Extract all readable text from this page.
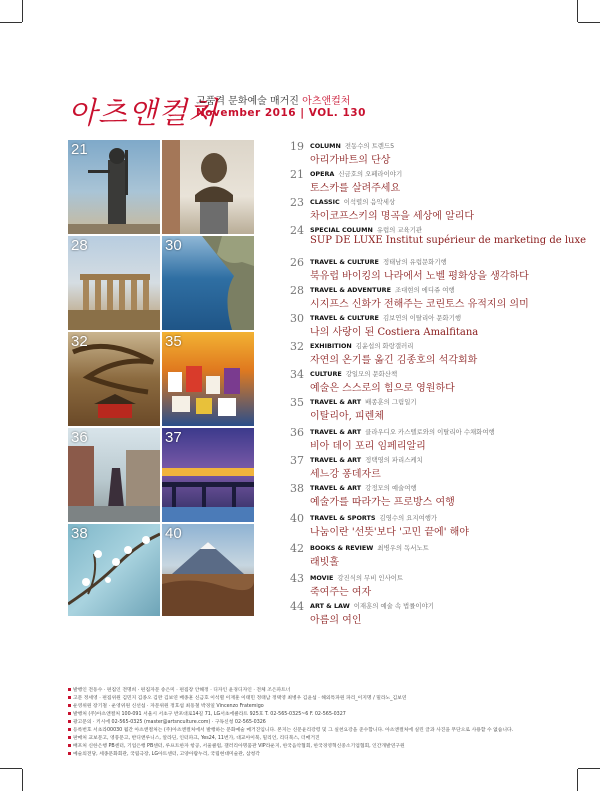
아츠앤컬처
고품격 문화예술 매거진 아츠앤컬처
November 2016 | VOL. 130
21
28	30
32	35
36	37
38	40
19 COLUMN 전동수의 트렌드5
아리가바트의 단상
21 OPERA 신금호의 오페라이야기
토스카를 살려주세요
23 CLASSIC 이석렬의 음악세상
차이코프스키의 명곡을 세상에 알리다
24 SPECIAL COLUMN 유럽의 교육기관
SUP DE LUXE Institut supérieur de marketing de luxe
26 TRAVEL & CULTURE 정태남의 유럽문화기행
북유럽 바이킹의 나라에서 노벨 평화상을 생각하다
28 TRAVEL & ADVENTURE 조대현의 에디쥬 여행
시지프스 신화가 전해주는 코린토스 유적지의 의미
30 TRAVEL & CULTURE 김보연의 이탈리아 문화기행
나의 사랑이 된 Costiera Amalfitana
32 EXHIBITION 김윤섭의 화랑갤러리
자연의 온기를 옮긴 김종호의 석각회화
34 CULTURE 강일모의 문화산책
예술은 스스로의 힘으로 영원하다
35 TRAVEL & ART 배종훈의 그림일기
이탈리아, 피렌체
36 TRAVEL & ART 클라우디오 카스텔로와의 이탈리아 수채화여행
비아 데이 포리 임페리알리
37 TRAVEL & ART 정택영의 파리스케치
세느강 퐁데자르
38 TRAVEL & ART 강정모의 예술여행
예술가를 따라가는 프로방스 여행
40 TRAVEL & SPORTS 김영수의 요지여행가
나눔이란 '선뜻'보다 '고민 끝에' 해야
42 BOOKS & REVIEW 최병우의 독서노트
래빗홀
43 MOVIE 강진식의 무비 인사이트
죽여주는 여자
44 ART & LAW 이재훈의 예술 속 법률이야기
아름의 여인
발행인 전동수 · 편집인 전명희 · 편집자문 송은미 · 편집장 안해정 · 디자인 윤경디자인 · 전체 조은파트너
고문 정세영 · 편집위원 김민지 김종오 김완 김보연 배종훈 신금호 이석렬 이재훈 이태민 정태남 정택영 최병우 김윤섭 · 해외특파원 파리_이지명 / 밀라노_김보연
운영위원 장기철 · 운영위원 신선섭 · 자문위원 정호섭 최동철 박경일 Vincenzo Fratemigo
발행처 (주)아츠앤컬처 100-091 서울시 서초구 반포대로14길 71, LG서초에클라트 925호 T. 02-565-0325~6 F. 02-565-0327
광고문의 · 키시에 02-565-0325 (master@artsnculture.com) · 구독신청 02-565-0326
등록번호 서초라00030 월간 아츠앤컬처는 (주)아츠앤컬처에서 발행하는 문화예술 매거진입니다. 본지는 신문윤리강령 및 그 실천요강을 준수합니다. 아츠앤컬처에 실린 글과 사진을 무단으로 사용할 수 없습니다.
판매처 교보문고, 영풍문고, 반디앤루니스, 알라딘, 인터파크, Yes24, 11번가, 대교아이북, 밀리언, 리디북스, 더매거진
배포처 신한은행 PB센터, 기업은행 PB센터, 루프트한자 항공, 서울클럽, 갤러리아명품관 VIP라운지, 한국음악협회, 한국경영혁신중소기업협회, 인간개발연구원
예술의전당, 세종문화회관, 국립극장, LG아트센터, 고양아람누리, 국립현대미술관, 삼청각
